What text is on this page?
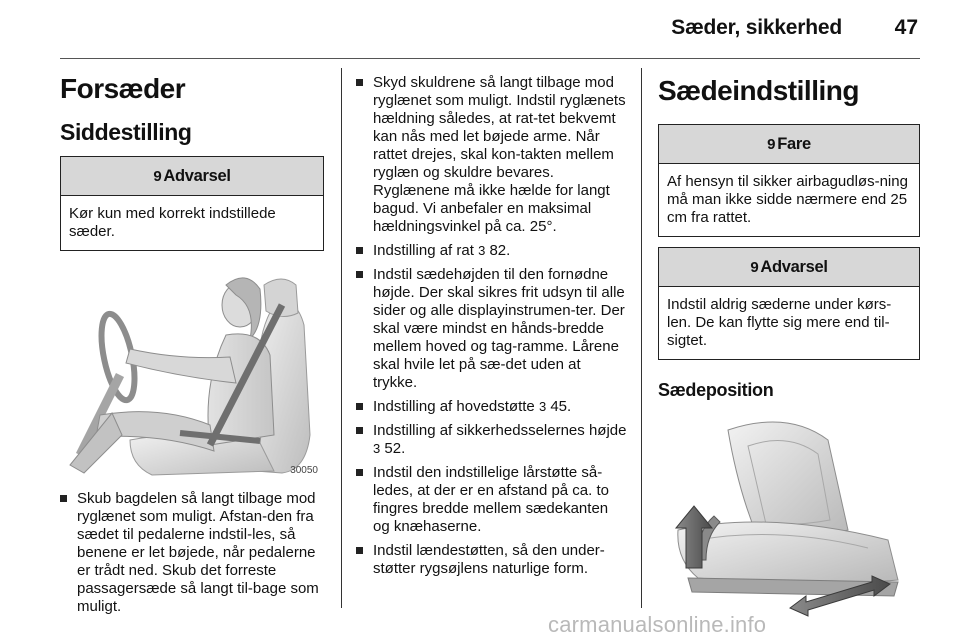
Sæder, sikkerhed	47
Forsæder
Siddestilling
9 Advarsel
Kør kun med korrekt indstillede sæder.
30050
Skub bagdelen så langt tilbage mod ryglænet som muligt. Afstan-den fra sædet til pedalerne indstil-les, så benene er let bøjede, når pedalerne er trådt ned. Skub det forreste passagersæde så langt til-bage som muligt.
Skyd skuldrene så langt tilbage mod ryglænet som muligt. Indstil ryglænets hældning således, at rat-tet bekvemt kan nås med let bøjede arme. Når rattet drejes, skal kon-takten mellem ryglæn og skuldre bevares. Ryglænene må ikke hælde for langt bagud. Vi anbefaler en maksimal hældningsvinkel på ca. 25°.
Indstilling af rat 3 82.
Indstil sædehøjden til den fornødne højde. Der skal sikres frit udsyn til alle sider og alle displayinstrumen-ter. Der skal være mindst en hånds-bredde mellem hoved og tag-ramme. Lårene skal hvile let på sæ-det uden at trykke.
Indstilling af hovedstøtte 3 45.
Indstilling af sikkerhedsselernes højde 3 52.
Indstil den indstillelige lårstøtte så-ledes, at der er en afstand på ca. to fingres bredde mellem sædekanten og knæhaserne.
Indstil lændestøtten, så den under-støtter rygsøjlens naturlige form.
Sædeindstilling
9 Fare
Af hensyn til sikker airbagudløs-ning må man ikke sidde nærmere end 25 cm fra rattet.
9 Advarsel
Indstil aldrig sæderne under kørs-len. De kan flytte sig mere end til-sigtet.
Sædeposition
carmanualsonline.info
